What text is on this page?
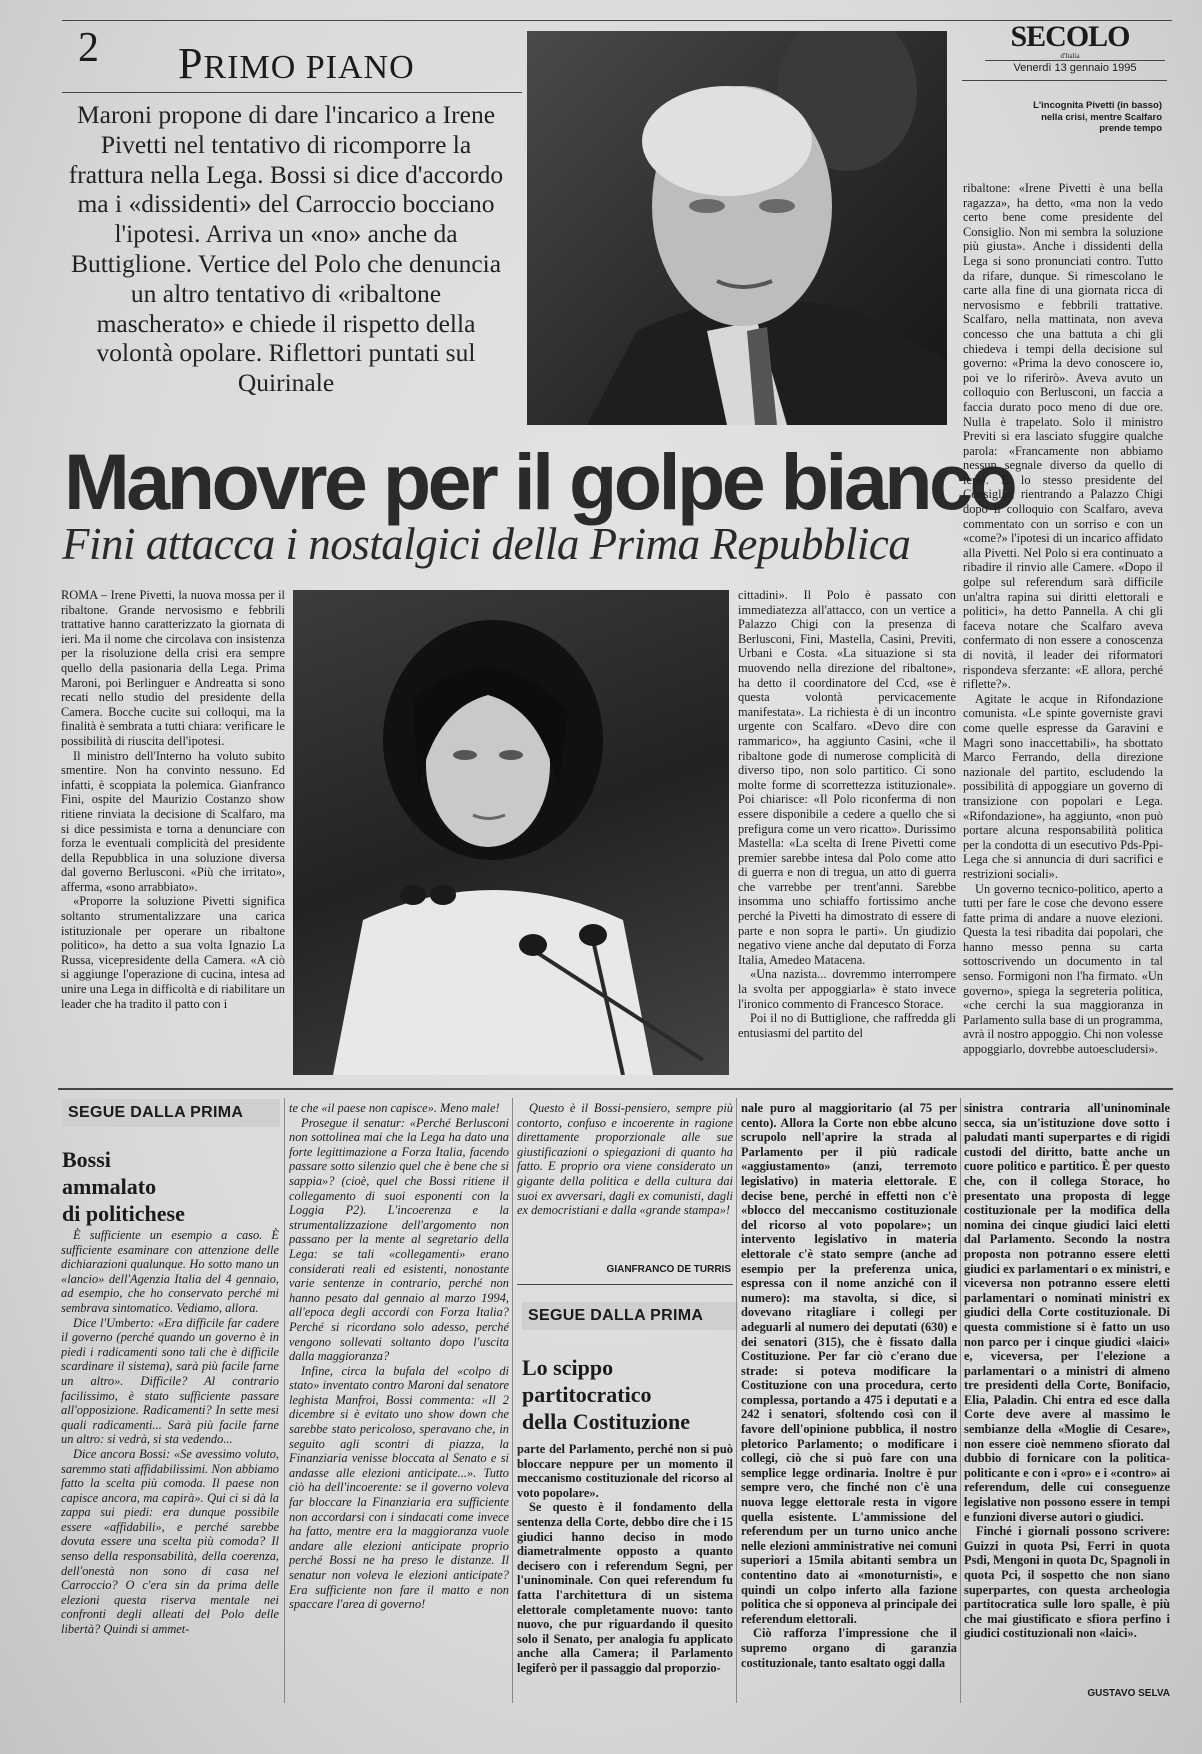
2 PRIMO PIANO
SECOLO
d'Italia
Venerdì 13 gennaio 1995
L'incognita Pivetti (in basso) nella crisi, mentre Scalfaro prende tempo
Maroni propone di dare l'incarico a Irene Pivetti nel tentativo di ricomporre la frattura nella Lega. Bossi si dice d'accordo ma i «dissidenti» del Carroccio bocciano l'ipotesi. Arriva un «no» anche da Buttiglione. Vertice del Polo che denuncia un altro tentativo di «ribaltone mascherato» e chiede il rispetto della volontà opolare. Riflettori puntati sul Quirinale
Manovre per il golpe bianco
Fini attacca i nostalgici della Prima Repubblica

ROMA – Irene Pivetti, la nuova mossa per il ribaltone. Grande nervosismo e febbrili trattative hanno caratterizzato la giornata di ieri. Ma il nome che circolava con insistenza per la risoluzione della crisi era sempre quello della pasionaria della Lega. Prima Maroni, poi Berlinguer e Andreatta si sono recati nello studio del presidente della Camera. Bocche cucite sui colloqui, ma la finalità è sembrata a tutti chiara: verificare le possibilità di riuscita dell'ipotesi.

Il ministro dell'Interno ha voluto subito smentire. Non ha convinto nessuno. Ed infatti, è scoppiata la polemica. Gianfranco Fini, ospite del Maurizio Costanzo show ritiene rinviata la decisione di Scalfaro, ma si dice pessimista e torna a denunciare con forza le eventuali complicità del presidente della Repubblica in una soluzione diversa dal governo Berlusconi. «Più che irritato», afferma, «sono arrabbiato».

«Proporre la soluzione Pivetti significa soltanto strumentalizzare una carica istituzionale per operare un ribaltone politico», ha detto a sua volta Ignazio La Russa, vicepresidente della Camera. «A ciò si aggiunge l'operazione di cucina, intesa ad unire una Lega in difficoltà e di riabilitare un leader che ha tradito il patto con i

cittadini». Il Polo è passato con immediatezza all'attacco, con un vertice a Palazzo Chigi con la presenza di Berlusconi, Fini, Mastella, Casini, Previti, Urbani e Costa. «La situazione si sta muovendo nella direzione del ribaltone», ha detto il coordinatore del Ccd, «se è questa volontà pervicacemente manifestata». La richiesta è di un incontro urgente con Scalfaro. «Devo dire con rammarico», ha aggiunto Casini, «che il ribaltone gode di numerose complicità di diverso tipo, non solo partitico. Ci sono molte forme di scorrettezza istituzionale». Poi chiarisce: «Il Polo riconferma di non essere disponibile a cedere a quello che si prefigura come un vero ricatto». Durissimo Mastella: «La scelta di Irene Pivetti come premier sarebbe intesa dal Polo come atto di guerra e non di tregua, un atto di guerra che varrebbe per trent'anni. Sarebbe insomma uno schiaffo fortissimo anche perché la Pivetti ha dimostrato di essere di parte e non sopra le parti». Un giudizio negativo viene anche dal deputato di Forza Italia, Amedeo Matacena.

«Una nazista... dovremmo interrompere la svolta per appoggiarla» è stato invece l'ironico commento di Francesco Storace.

Poi il no di Buttiglione, che raffredda gli entusiasmi del partito del

ribaltone: «Irene Pivetti è una bella ragazza», ha detto, «ma non la vedo certo bene come presidente del Consiglio. Non mi sembra la soluzione più giusta». Anche i dissidenti della Lega si sono pronunciati contro. Tutto da rifare, dunque. Si rimescolano le carte alla fine di una giornata ricca di nervosismo e febbrili trattative. Scalfaro, nella mattinata, non aveva concesso che una battuta a chi gli chiedeva i tempi della decisione sul governo: «Prima la devo conoscere io, poi ve lo riferirò». Aveva avuto un colloquio con Berlusconi, un faccia a faccia durato poco meno di due ore. Nulla è trapelato. Solo il ministro Previti si era lasciato sfuggire qualche parola: «Francamente non abbiamo nessun segnale diverso da quello di ieri». E lo stesso presidente del Consiglio, rientrando a Palazzo Chigi dopo il colloquio con Scalfaro, aveva commentato con un sorriso e con un «come?» l'ipotesi di un incarico affidato alla Pivetti. Nel Polo si era continuato a ribadire il rinvio alle Camere. «Dopo il golpe sul referendum sarà difficile un'altra rapina sui diritti elettorali e politici», ha detto Pannella. A chi gli faceva notare che Scalfaro aveva confermato di non essere a conoscenza di novità, il leader dei riformatori rispondeva sferzante: «E allora, perché riflette?».

Agitate le acque in Rifondazione comunista. «Le spinte governiste gravi come quelle espresse da Garavini e Magri sono inaccettabili», ha sbottato Marco Ferrando, della direzione nazionale del partito, escludendo la possibilità di appoggiare un governo di transizione con popolari e Lega. «Rifondazione», ha aggiunto, «non può portare alcuna responsabilità politica per la condotta di un esecutivo Pds-Ppi-Lega che si annuncia di duri sacrifici e restrizioni sociali».

Un governo tecnico-politico, aperto a tutti per fare le cose che devono essere fatte prima di andare a nuove elezioni. Questa la tesi ribadita dai popolari, che hanno messo penna su carta sottoscrivendo un documento in tal senso. Formigoni non l'ha firmato. «Un governo», spiega la segreteria politica, «che cerchi la sua maggioranza in Parlamento sulla base di un programma, avrà il nostro appoggio. Chi non volesse appoggiarlo, dovrebbe autoescludersi».

SEGUE DALLA PRIMA
Bossi
ammalato
di politichese

È sufficiente un esempio a caso. È sufficiente esaminare con attenzione delle dichiarazioni qualunque. Ho sotto mano un «lancio» dell'Agenzia Italia del 4 gennaio, ad esempio, che ho conservato perché mi sembrava sintomatico. Vediamo, allora.

Dice l'Umberto: «Era difficile far cadere il governo (perché quando un governo è in piedi i radicamenti sono tali che è difficile scardinare il sistema), sarà più facile farne un altro». Difficile? Al contrario facilissimo, è stato sufficiente passare all'opposizione. Radicamenti? In sette mesi quali radicamenti... Sarà più facile farne un altro: si vedrà, si sta vedendo...

Dice ancora Bossi: «Se avessimo voluto, saremmo stati affidabilissimi. Non abbiamo fatto la scelta più comoda. Il paese non capisce ancora, ma capirà». Qui ci si dà la zappa sui piedi: era dunque possibile essere «affidabili», e perché sarebbe dovuta essere una scelta più comoda? Il senso della responsabilità, della coerenza, dell'onestà non sono di casa nel Carroccio? O c'era sin da prima delle elezioni questa riserva mentale nei confronti degli alleati del Polo delle libertà? Quindi si ammet-

te che «il paese non capisce». Meno male!

Prosegue il senatur: «Perché Berlusconi non sottolinea mai che la Lega ha dato una forte legittimazione a Forza Italia, facendo passare sotto silenzio quel che è bene che si sappia»? (cioè, quel che Bossi ritiene il collegamento di suoi esponenti con la Loggia P2). L'incoerenza e la strumentalizzazione dell'argomento non passano per la mente al segretario della Lega: se tali «collegamenti» erano considerati reali ed esistenti, nonostante varie sentenze in contrario, perché non hanno pesato dal gennaio al marzo 1994, all'epoca degli accordi con Forza Italia? Perché si ricordano solo adesso, perché vengono sollevati soltanto dopo l'uscita dalla maggioranza?

Infine, circa la bufala del «colpo di stato» inventato contro Maroni dal senatore leghista Manfroi, Bossi commenta: «Il 2 dicembre si è evitato uno show down che sarebbe stato pericoloso, speravano che, in seguito agli scontri di piazza, la Finanziaria venisse bloccata al Senato e si andasse alle elezioni anticipate...». Tutto ciò ha dell'incoerente: se il governo voleva far bloccare la Finanziaria era sufficiente non accordarsi con i sindacati come invece ha fatto, mentre era la maggioranza vuole andare alle elezioni anticipate proprio perché Bossi ne ha preso le distanze. Il senatur non voleva le elezioni anticipate? Era sufficiente non fare il matto e non spaccare l'area di governo!

Questo è il Bossi-pensiero, sempre più contorto, confuso e incoerente in ragione direttamente proporzionale alle sue giustificazioni o spiegazioni di quanto ha fatto. E proprio ora viene considerato un gigante della politica e della cultura dai suoi ex avversari, dagli ex comunisti, dagli ex democristiani e dalla «grande stampa»!

GIANFRANCO DE TURRIS
SEGUE DALLA PRIMA
Lo scippo
partitocratico
della Costituzione

parte del Parlamento, perché non si può bloccare neppure per un momento il meccanismo costituzionale del ricorso al voto popolare».

Se questo è il fondamento della sentenza della Corte, debbo dire che i 15 giudici hanno deciso in modo diametralmente opposto a quanto decisero con i referendum Segni, per l'uninominale. Con quei referendum fu fatta l'architettura di un sistema elettorale completamente nuovo: tanto nuovo, che pur riguardando il quesito solo il Senato, per analogia fu applicato anche alla Camera; il Parlamento legiferò per il passaggio dal proporzio-

nale puro al maggioritario (al 75 per cento). Allora la Corte non ebbe alcuno scrupolo nell'aprire la strada al Parlamento per il più radicale «aggiustamento» (anzi, terremoto legislativo) in materia elettorale. E decise bene, perché in effetti non c'è «blocco del meccanismo costituzionale del ricorso al voto popolare»; un intervento legislativo in materia elettorale c'è stato sempre (anche ad esempio per la preferenza unica, espressa con il nome anziché con il numero): ma stavolta, si dice, si dovevano ritagliare i collegi per adeguarli al numero dei deputati (630) e dei senatori (315), che è fissato dalla Costituzione. Per far ciò c'erano due strade: si poteva modificare la Costituzione con una procedura, certo complessa, portando a 475 i deputati e a 242 i senatori, sfoltendo così con il favore dell'opinione pubblica, il nostro pletorico Parlamento; o modificare i collegi, ciò che si può fare con una semplice legge ordinaria. Inoltre è pur sempre vero, che finché non c'è una nuova legge elettorale resta in vigore quella esistente. L'ammissione del referendum per un turno unico anche nelle elezioni amministrative nei comuni superiori a 15mila abitanti sembra un contentino dato ai «monoturnisti», e quindi un colpo inferto alla fazione politica che si opponeva al principale dei referendum elettorali.

Ciò rafforza l'impressione che il supremo organo di garanzia costituzionale, tanto esaltato oggi dalla

sinistra contraria all'uninominale secca, sia un'istituzione dove sotto i paludati manti superpartes e di rigidi custodi del diritto, batte anche un cuore politico e partitico. È per questo che, con il collega Storace, ho presentato una proposta di legge costituzionale per la modifica della nomina dei cinque giudici laici eletti dal Parlamento. Secondo la nostra proposta non potranno essere eletti giudici ex parlamentari o ex ministri, e viceversa non potranno essere eletti parlamentari o nominati ministri ex giudici della Corte costituzionale. Di questa commistione si è fatto un uso non parco per i cinque giudici «laici» e, viceversa, per l'elezione a parlamentari o a ministri di almeno tre presidenti della Corte, Bonifacio, Elia, Paladin. Chi entra ed esce dalla Corte deve avere al massimo le sembianze della «Moglie di Cesare», non essere cioè nemmeno sfiorato dal dubbio di fornicare con la politica-politicante e con i «pro» e i «contro» ai referendum, delle cui conseguenze legislative non possono essere in tempi e funzioni diverse autori o giudici.

Finché i giornali possono scrivere: Guizzi in quota Psi, Ferri in quota Psdi, Mengoni in quota Dc, Spagnoli in quota Pci, il sospetto che non siano superpartes, con questa archeologia partitocratica sulle loro spalle, è più che mai giustificato e sfiora perfino i giudici costituzionali non «laici».

GUSTAVO SELVA
